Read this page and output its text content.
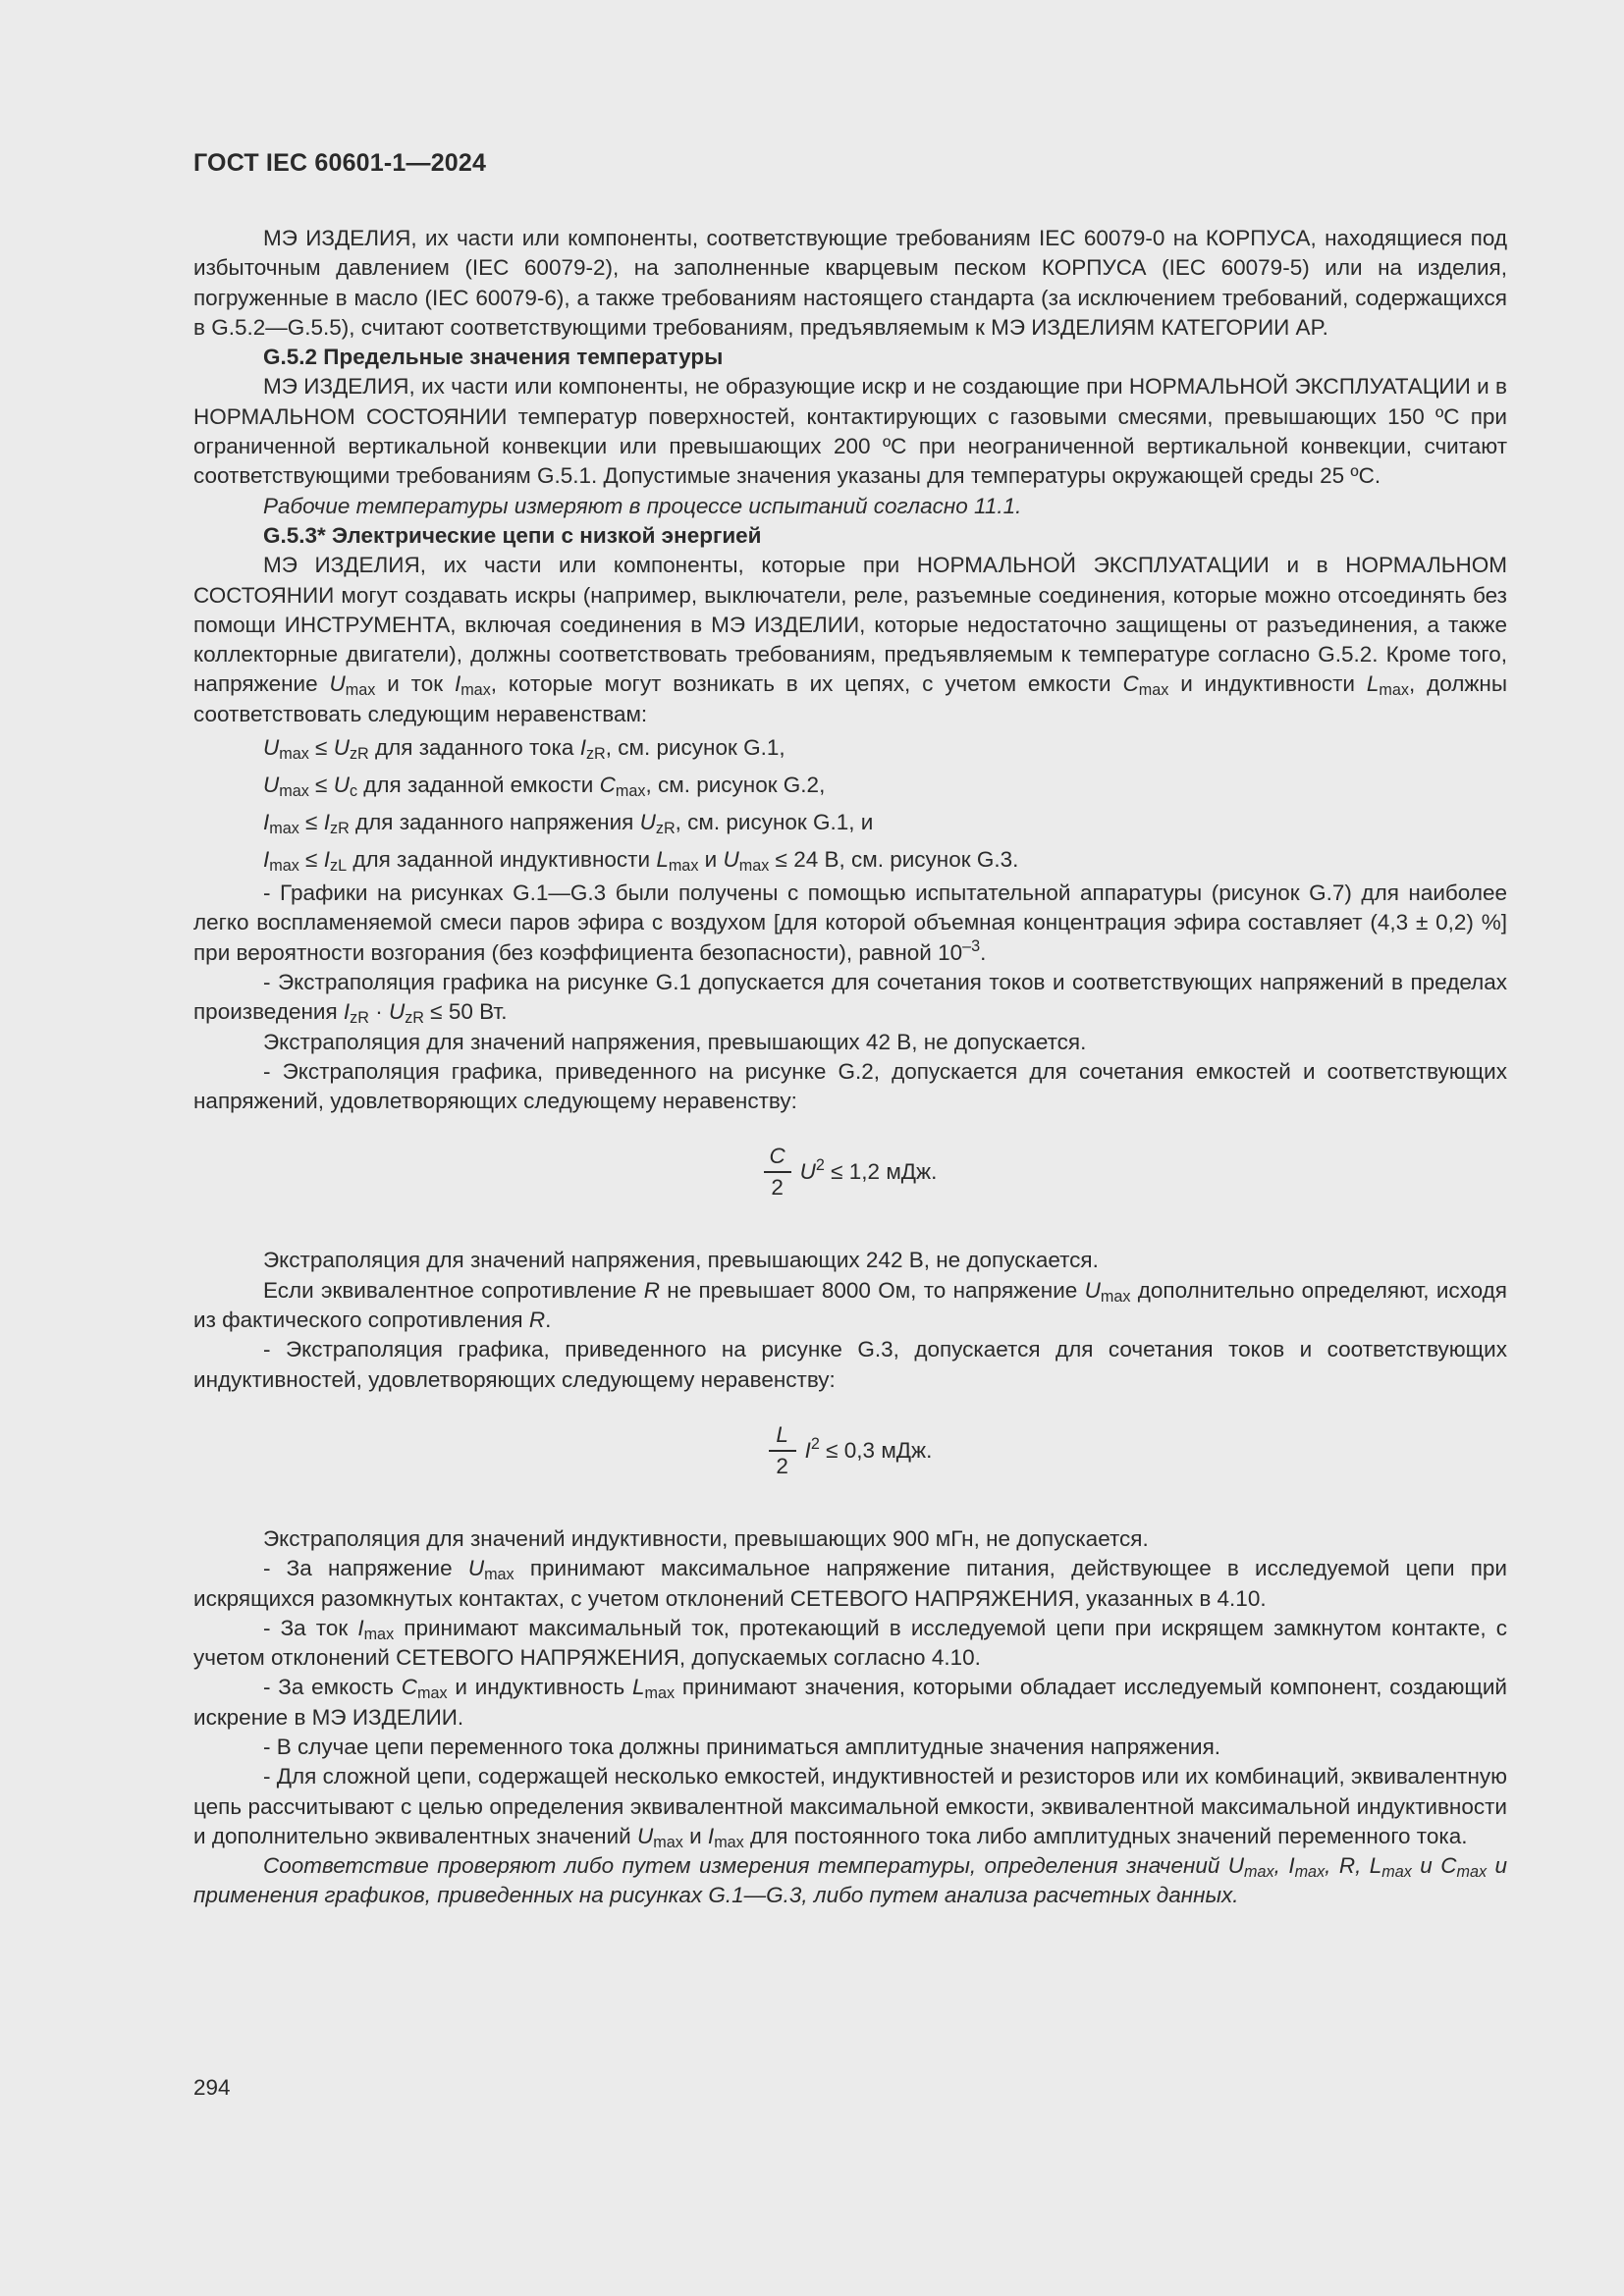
ГОСТ IEC 60601-1—2024

МЭ ИЗДЕЛИЯ, их части или компоненты, соответствующие требованиям IEC 60079-0 на КОРПУСА, находящиеся под избыточным давлением (IEC 60079-2), на заполненные кварцевым песком КОРПУСА (IEC 60079-5) или на изделия, погруженные в масло (IEC 60079-6), а также требованиям настоящего стандарта (за исключением требований, содержащихся в G.5.2—G.5.5), считают соответствующими требованиям, предъявляемым к МЭ ИЗДЕЛИЯМ КАТЕГОРИИ AP.

G.5.2 Предельные значения температуры

МЭ ИЗДЕЛИЯ, их части или компоненты, не образующие искр и не создающие при НОРМАЛЬНОЙ ЭКСПЛУАТАЦИИ и в НОРМАЛЬНОМ СОСТОЯНИИ температур поверхностей, контактирующих с газовыми смесями, превышающих 150 ºС при ограниченной вертикальной конвекции или превышающих 200 ºС при неограниченной вертикальной конвекции, считают соответствующими требованиям G.5.1. Допустимые значения указаны для температуры окружающей среды 25 ºС.

Рабочие температуры измеряют в процессе испытаний согласно 11.1.

G.5.3* Электрические цепи с низкой энергией

МЭ ИЗДЕЛИЯ, их части или компоненты, которые при НОРМАЛЬНОЙ ЭКСПЛУАТАЦИИ и в НОРМАЛЬНОМ СОСТОЯНИИ могут создавать искры (например, выключатели, реле, разъемные соединения, которые можно отсоединять без помощи ИНСТРУМЕНТА, включая соединения в МЭ ИЗДЕЛИИ, которые недостаточно защищены от разъединения, а также коллекторные двигатели), должны соответствовать требованиям, предъявляемым к температуре согласно G.5.2. Кроме того, напряжение $U_{max}$ и ток $I_{max}$, которые могут возникать в их цепях, с учетом емкости $C_{max}$ и индуктивности $L_{max}$, должны соответствовать следующим неравенствам:

$U_{max} \le U_{zR}$ для заданного тока $I_{zR}$, см. рисунок G.1,

$U_{max} \le U_c$ для заданной емкости $C_{max}$, см. рисунок G.2,

$I_{max} \le I_{zR}$ для заданного напряжения $U_{zR}$, см. рисунок G.1, и

$I_{max} \le I_{zL}$ для заданной индуктивности $L_{max}$ и $U_{max} \le 24$ В, см. рисунок G.3.

- Графики на рисунках G.1—G.3 были получены с помощью испытательной аппаратуры (рисунок G.7) для наиболее легко воспламеняемой смеси паров эфира с воздухом [для которой объемная концентрация эфира составляет (4,3 ± 0,2) %] при вероятности возгорания (без коэффициента безопасности), равной $10^{-3}$.

- Экстраполяция графика на рисунке G.1 допускается для сочетания токов и соответствующих напряжений в пределах произведения $I_{zR} \cdot U_{zR} \le 50$ Вт.

Экстраполяция для значений напряжения, превышающих 42 В, не допускается.

- Экстраполяция графика, приведенного на рисунке G.2, допускается для сочетания емкостей и соответствующих напряжений, удовлетворяющих следующему неравенству:

$\frac{C}{2} U^2 \le 1,2$ мДж.

Экстраполяция для значений напряжения, превышающих 242 В, не допускается.

Если эквивалентное сопротивление R не превышает 8000 Ом, то напряжение $U_{max}$ дополнительно определяют, исходя из фактического сопротивления R.

- Экстраполяция графика, приведенного на рисунке G.3, допускается для сочетания токов и соответствующих индуктивностей, удовлетворяющих следующему неравенству:

$\frac{L}{2} I^2 \le 0,3$ мДж.

Экстраполяция для значений индуктивности, превышающих 900 мГн, не допускается.

- За напряжение $U_{max}$ принимают максимальное напряжение питания, действующее в исследуемой цепи при искрящихся разомкнутых контактах, с учетом отклонений СЕТЕВОГО НАПРЯЖЕНИЯ, указанных в 4.10.

- За ток $I_{max}$ принимают максимальный ток, протекающий в исследуемой цепи при искрящем замкнутом контакте, с учетом отклонений СЕТЕВОГО НАПРЯЖЕНИЯ, допускаемых согласно 4.10.

- За емкость $C_{max}$ и индуктивность $L_{max}$ принимают значения, которыми обладает исследуемый компонент, создающий искрение в МЭ ИЗДЕЛИИ.

- В случае цепи переменного тока должны приниматься амплитудные значения напряжения.

- Для сложной цепи, содержащей несколько емкостей, индуктивностей и резисторов или их комбинаций, эквивалентную цепь рассчитывают с целью определения эквивалентной максимальной емкости, эквивалентной максимальной индуктивности и дополнительно эквивалентных значений $U_{max}$ и $I_{max}$ для постоянного тока либо амплитудных значений переменного тока.

Соответствие проверяют либо путем измерения температуры, определения значений $U_{max}$, $I_{max}$, R, $L_{max}$ и $C_{max}$ и применения графиков, приведенных на рисунках G.1—G.3, либо путем анализа расчетных данных.

294
